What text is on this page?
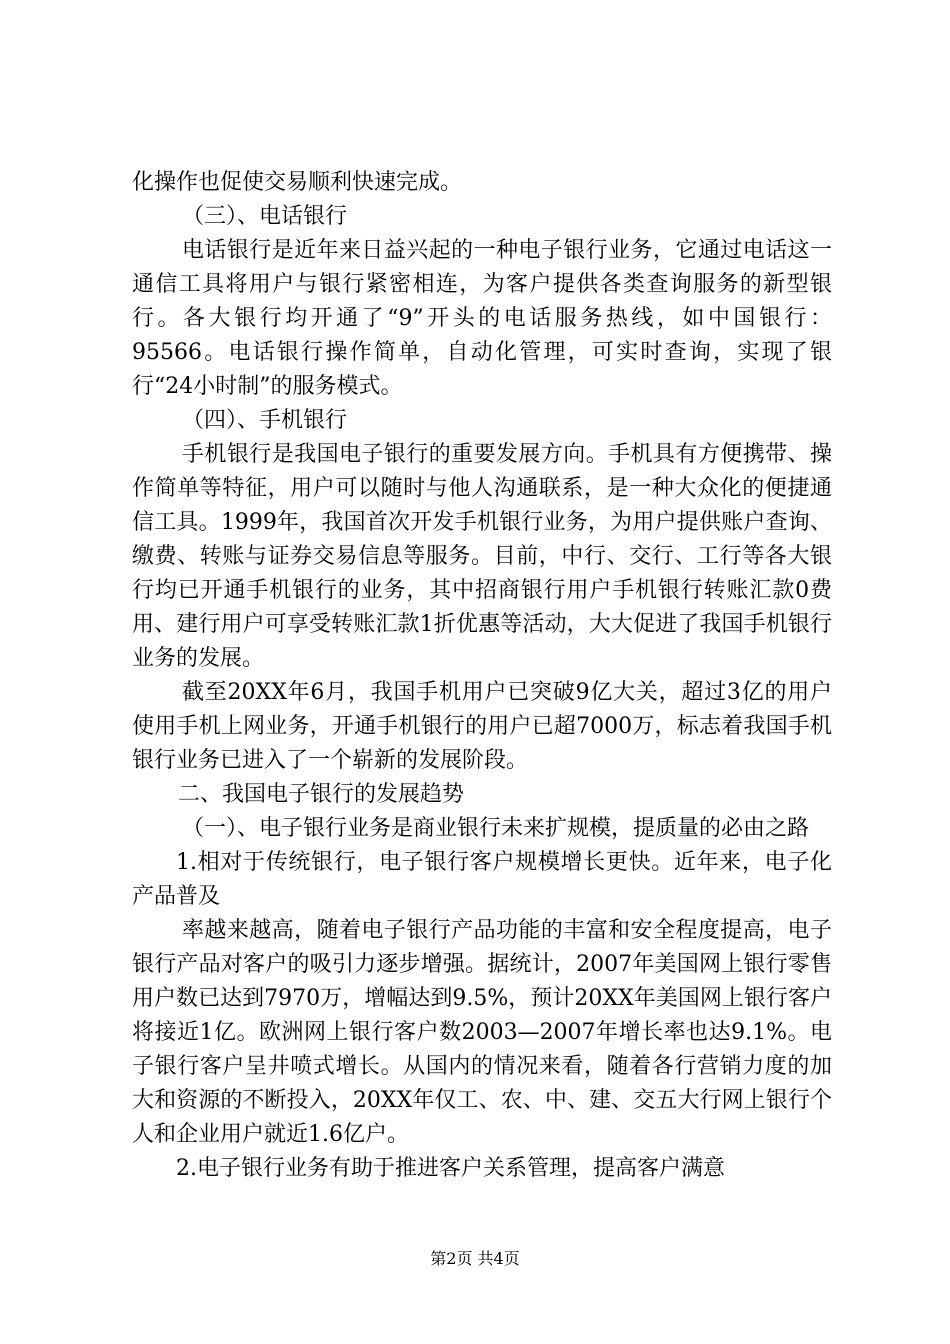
化操作也促使交易顺利快速完成。

（三）、电话银行

电话银行是近年来日益兴起的一种电子银行业务，它通过电话这一通信工具将用户与银行紧密相连，为客户提供各类查询服务的新型银行。各大银行均开通了“9”开头的电话服务热线，如中国银行：95566。电话银行操作简单，自动化管理，可实时查询，实现了银行“24小时制”的服务模式。

（四）、手机银行

手机银行是我国电子银行的重要发展方向。手机具有方便携带、操作简单等特征，用户可以随时与他人沟通联系，是一种大众化的便捷通信工具。1999年，我国首次开发手机银行业务，为用户提供账户查询、缴费、转账与证券交易信息等服务。目前，中行、交行、工行等各大银行均已开通手机银行的业务，其中招商银行用户手机银行转账汇款0费用、建行用户可享受转账汇款1折优惠等活动，大大促进了我国手机银行业务的发展。

截至20XX年6月，我国手机用户已突破9亿大关，超过3亿的用户使用手机上网业务，开通手机银行的用户已超7000万，标志着我国手机银行业务已进入了一个崭新的发展阶段。

二、我国电子银行的发展趋势

（一）、电子银行业务是商业银行未来扩规模，提质量的必由之路

1.相对于传统银行，电子银行客户规模增长更快。近年来，电子化产品普及

率越来越高，随着电子银行产品功能的丰富和安全程度提高，电子银行产品对客户的吸引力逐步增强。据统计，2007年美国网上银行零售用户数已达到7970万，增幅达到9.5%，预计20XX年美国网上银行客户将接近1亿。欧洲网上银行客户数2003—2007年增长率也达9.1%。电子银行客户呈井喷式增长。从国内的情况来看，随着各行营销力度的加大和资源的不断投入，20XX年仅工、农、中、建、交五大行网上银行个人和企业用户就近1.6亿户。

2.电子银行业务有助于推进客户关系管理，提高客户满意

第2页 共4页
